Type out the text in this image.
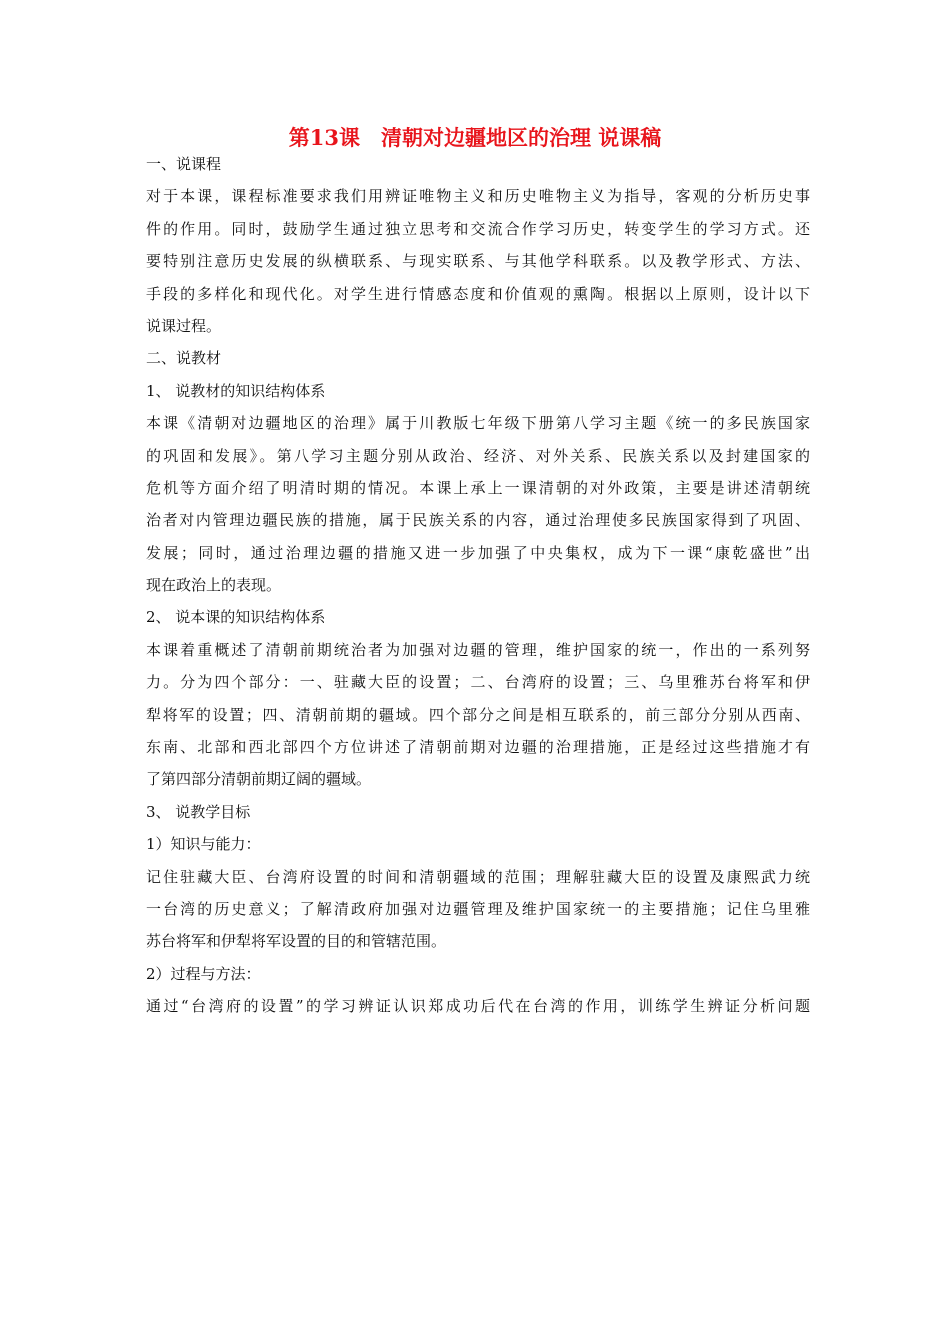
第13课　清朝对边疆地区的治理 说课稿
一、说课程
对于本课，课程标准要求我们用辨证唯物主义和历史唯物主义为指导，客观的分析历史事
件的作用。同时，鼓励学生通过独立思考和交流合作学习历史，转变学生的学习方式。还
要特别注意历史发展的纵横联系、与现实联系、与其他学科联系。以及教学形式、方法、
手段的多样化和现代化。对学生进行情感态度和价值观的熏陶。根据以上原则，设计以下
说课过程。
二、说教材
1、 说教材的知识结构体系
本课《清朝对边疆地区的治理》属于川教版七年级下册第八学习主题《统一的多民族国家
的巩固和发展》。第八学习主题分别从政治、经济、对外关系、民族关系以及封建国家的
危机等方面介绍了明清时期的情况。本课上承上一课清朝的对外政策，主要是讲述清朝统
治者对内管理边疆民族的措施，属于民族关系的内容，通过治理使多民族国家得到了巩固、
发展；同时，通过治理边疆的措施又进一步加强了中央集权，成为下一课“康乾盛世”出
现在政治上的表现。
2、 说本课的知识结构体系
本课着重概述了清朝前期统治者为加强对边疆的管理，维护国家的统一，作出的一系列努
力。分为四个部分：一、驻藏大臣的设置；二、台湾府的设置；三、乌里雅苏台将军和伊
犁将军的设置；四、清朝前期的疆域。四个部分之间是相互联系的，前三部分分别从西南、
东南、北部和西北部四个方位讲述了清朝前期对边疆的治理措施，正是经过这些措施才有
了第四部分清朝前期辽阔的疆域。
3、 说教学目标
1）知识与能力：
记住驻藏大臣、台湾府设置的时间和清朝疆域的范围；理解驻藏大臣的设置及康熙武力统
一台湾的历史意义；了解清政府加强对边疆管理及维护国家统一的主要措施；记住乌里雅
苏台将军和伊犁将军设置的目的和管辖范围。
2）过程与方法：
通过“台湾府的设置”的学习辨证认识郑成功后代在台湾的作用，训练学生辨证分析问题
